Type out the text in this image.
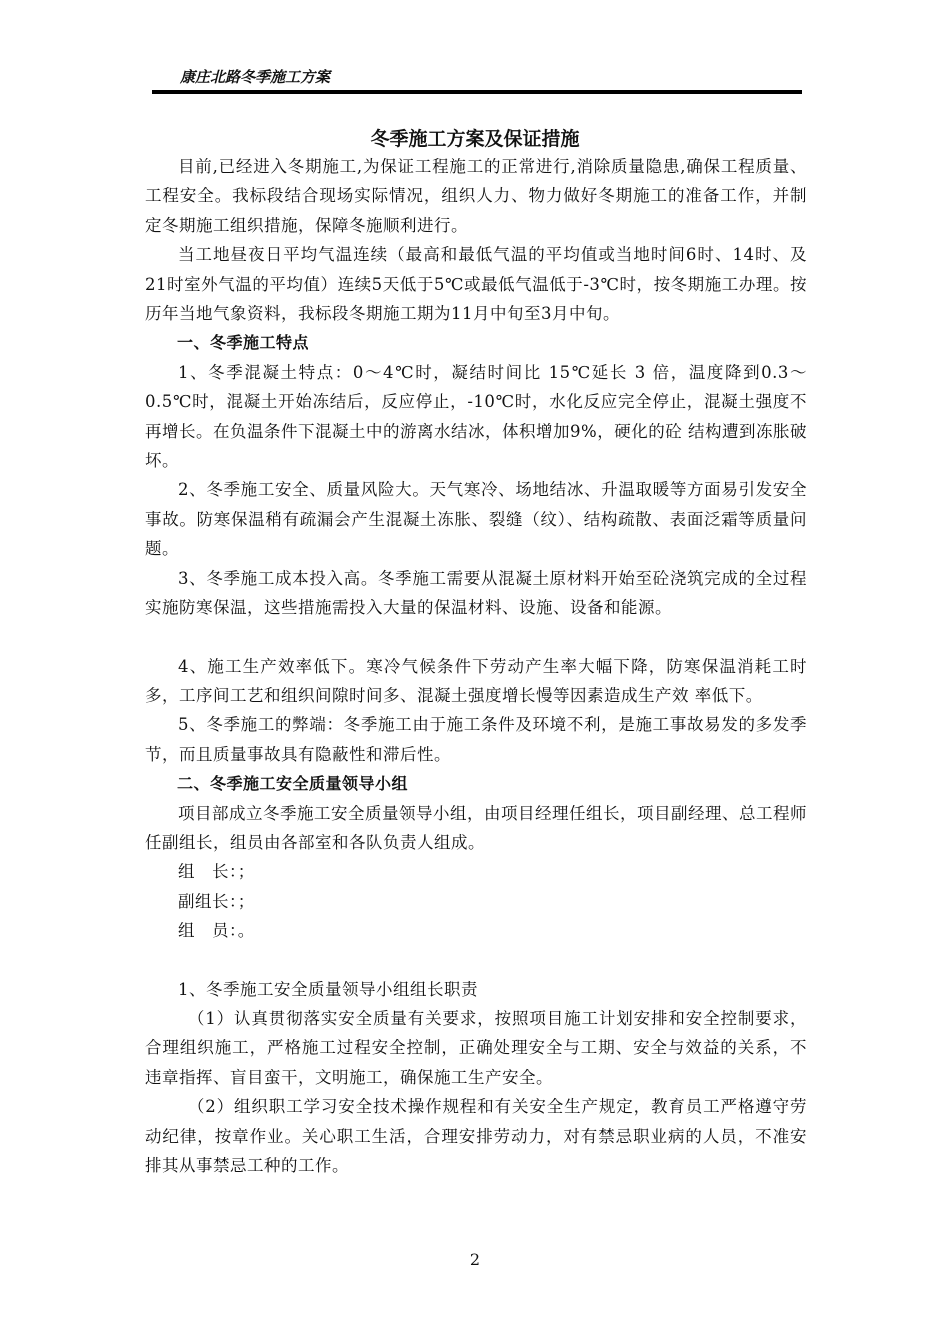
康庄北路冬季施工方案
冬季施工方案及保证措施

目前,已经进入冬期施工,为保证工程施工的正常进行,消除质量隐患,确保工程质量、工程安全。我标段结合现场实际情况，组织人力、物力做好冬期施工的准备工作，并制定冬期施工组织措施，保障冬施顺利进行。

当工地昼夜日平均气温连续（最高和最低气温的平均值或当地时间6时、14时、及21时室外气温的平均值）连续5天低于5℃或最低气温低于-3℃时，按冬期施工办理。按历年当地气象资料，我标段冬期施工期为11月中旬至3月中旬。

一、冬季施工特点

1、冬季混凝土特点：0～4℃时，凝结时间比 15℃延长 3 倍，温度降到0.3～ 0.5℃时，混凝土开始冻结后，反应停止，-10℃时，水化反应完全停止，混凝土强度不再增长。在负温条件下混凝土中的游离水结冰，体积增加9%，硬化的砼 结构遭到冻胀破坏。

2、冬季施工安全、质量风险大。天气寒冷、场地结冰、升温取暖等方面易引发安全事故。防寒保温稍有疏漏会产生混凝土冻胀、裂缝（纹）、结构疏散、表面泛霜等质量问题。

3、冬季施工成本投入高。冬季施工需要从混凝土原材料开始至砼浇筑完成的全过程实施防寒保温，这些措施需投入大量的保温材料、设施、设备和能源。

4、施工生产效率低下。寒冷气候条件下劳动产生率大幅下降，防寒保温消耗工时多，工序间工艺和组织间隙时间多、混凝土强度增长慢等因素造成生产效 率低下。

5、冬季施工的弊端：冬季施工由于施工条件及环境不利，是施工事故易发的多发季节，而且质量事故具有隐蔽性和滞后性。

二、冬季施工安全质量领导小组

项目部成立冬季施工安全质量领导小组，由项目经理任组长，项目副经理、总工程师任副组长，组员由各部室和各队负责人组成。

组　长：；

副组长：；

组　员：。

1、冬季施工安全质量领导小组组长职责

（1）认真贯彻落实安全质量有关要求，按照项目施工计划安排和安全控制要求，合理组织施工，严格施工过程安全控制，正确处理安全与工期、安全与效益的关系，不违章指挥、盲目蛮干，文明施工，确保施工生产安全。

（2）组织职工学习安全技术操作规程和有关安全生产规定，教育员工严格遵守劳动纪律，按章作业。关心职工生活，合理安排劳动力，对有禁忌职业病的人员，不准安排其从事禁忌工种的工作。

2
